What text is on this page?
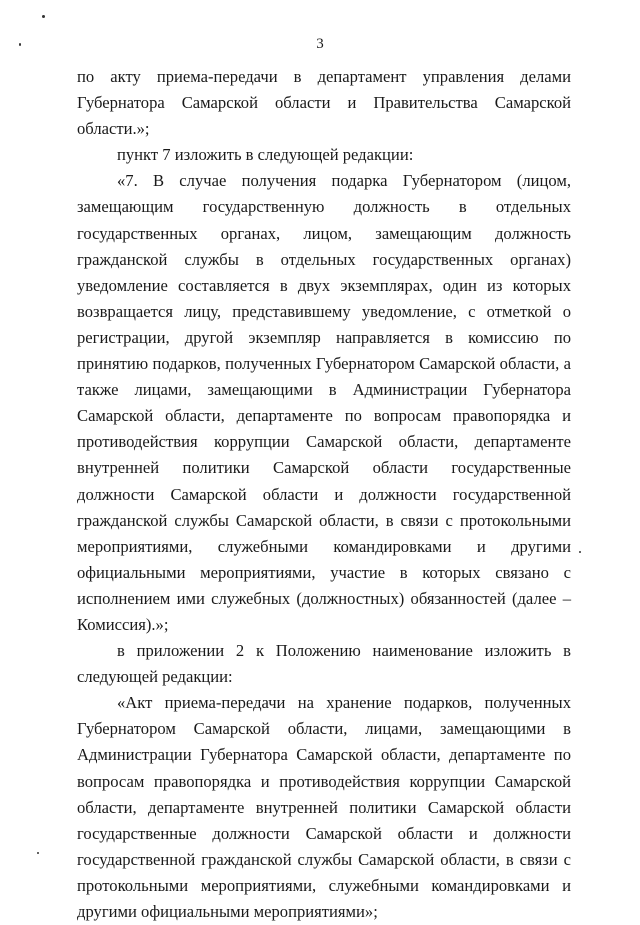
3

по акту приема-передачи в департамент управления делами Губернатора Самарской области и Правительства Самарской области.»;

пункт 7 изложить в следующей редакции:

«7. В случае получения подарка Губернатором (лицом, замещающим государственную должность в отдельных государственных органах, лицом, замещающим должность гражданской службы в отдельных государственных органах) уведомление составляется в двух экземплярах, один из которых возвращается лицу, представившему уведомление, с отметкой о регистрации, другой экземпляр направляется в комиссию по принятию подарков, полученных Губернатором Самарской области, а также лицами, замещающими в Администрации Губернатора Самарской области, департаменте по вопросам правопорядка и противодействия коррупции Самарской области, департаменте внутренней политики Самарской области государственные должности Самарской области и должности государственной гражданской службы Самарской области, в связи с протокольными мероприятиями, служебными командировками и другими официальными мероприятиями, участие в которых связано с исполнением ими служебных (должностных) обязанностей (далее – Комиссия).»;

в приложении 2 к Положению наименование изложить в следующей редакции:

«Акт приема-передачи на хранение подарков, полученных Губернатором Самарской области, лицами, замещающими в Администрации Губернатора Самарской области, департаменте по вопросам правопорядка и противодействия коррупции Самарской области, департаменте внутренней политики Самарской области государственные должности Самарской области и должности государственной гражданской службы Самарской области, в связи с протокольными мероприятиями, служебными командировками и другими официальными мероприятиями»;
